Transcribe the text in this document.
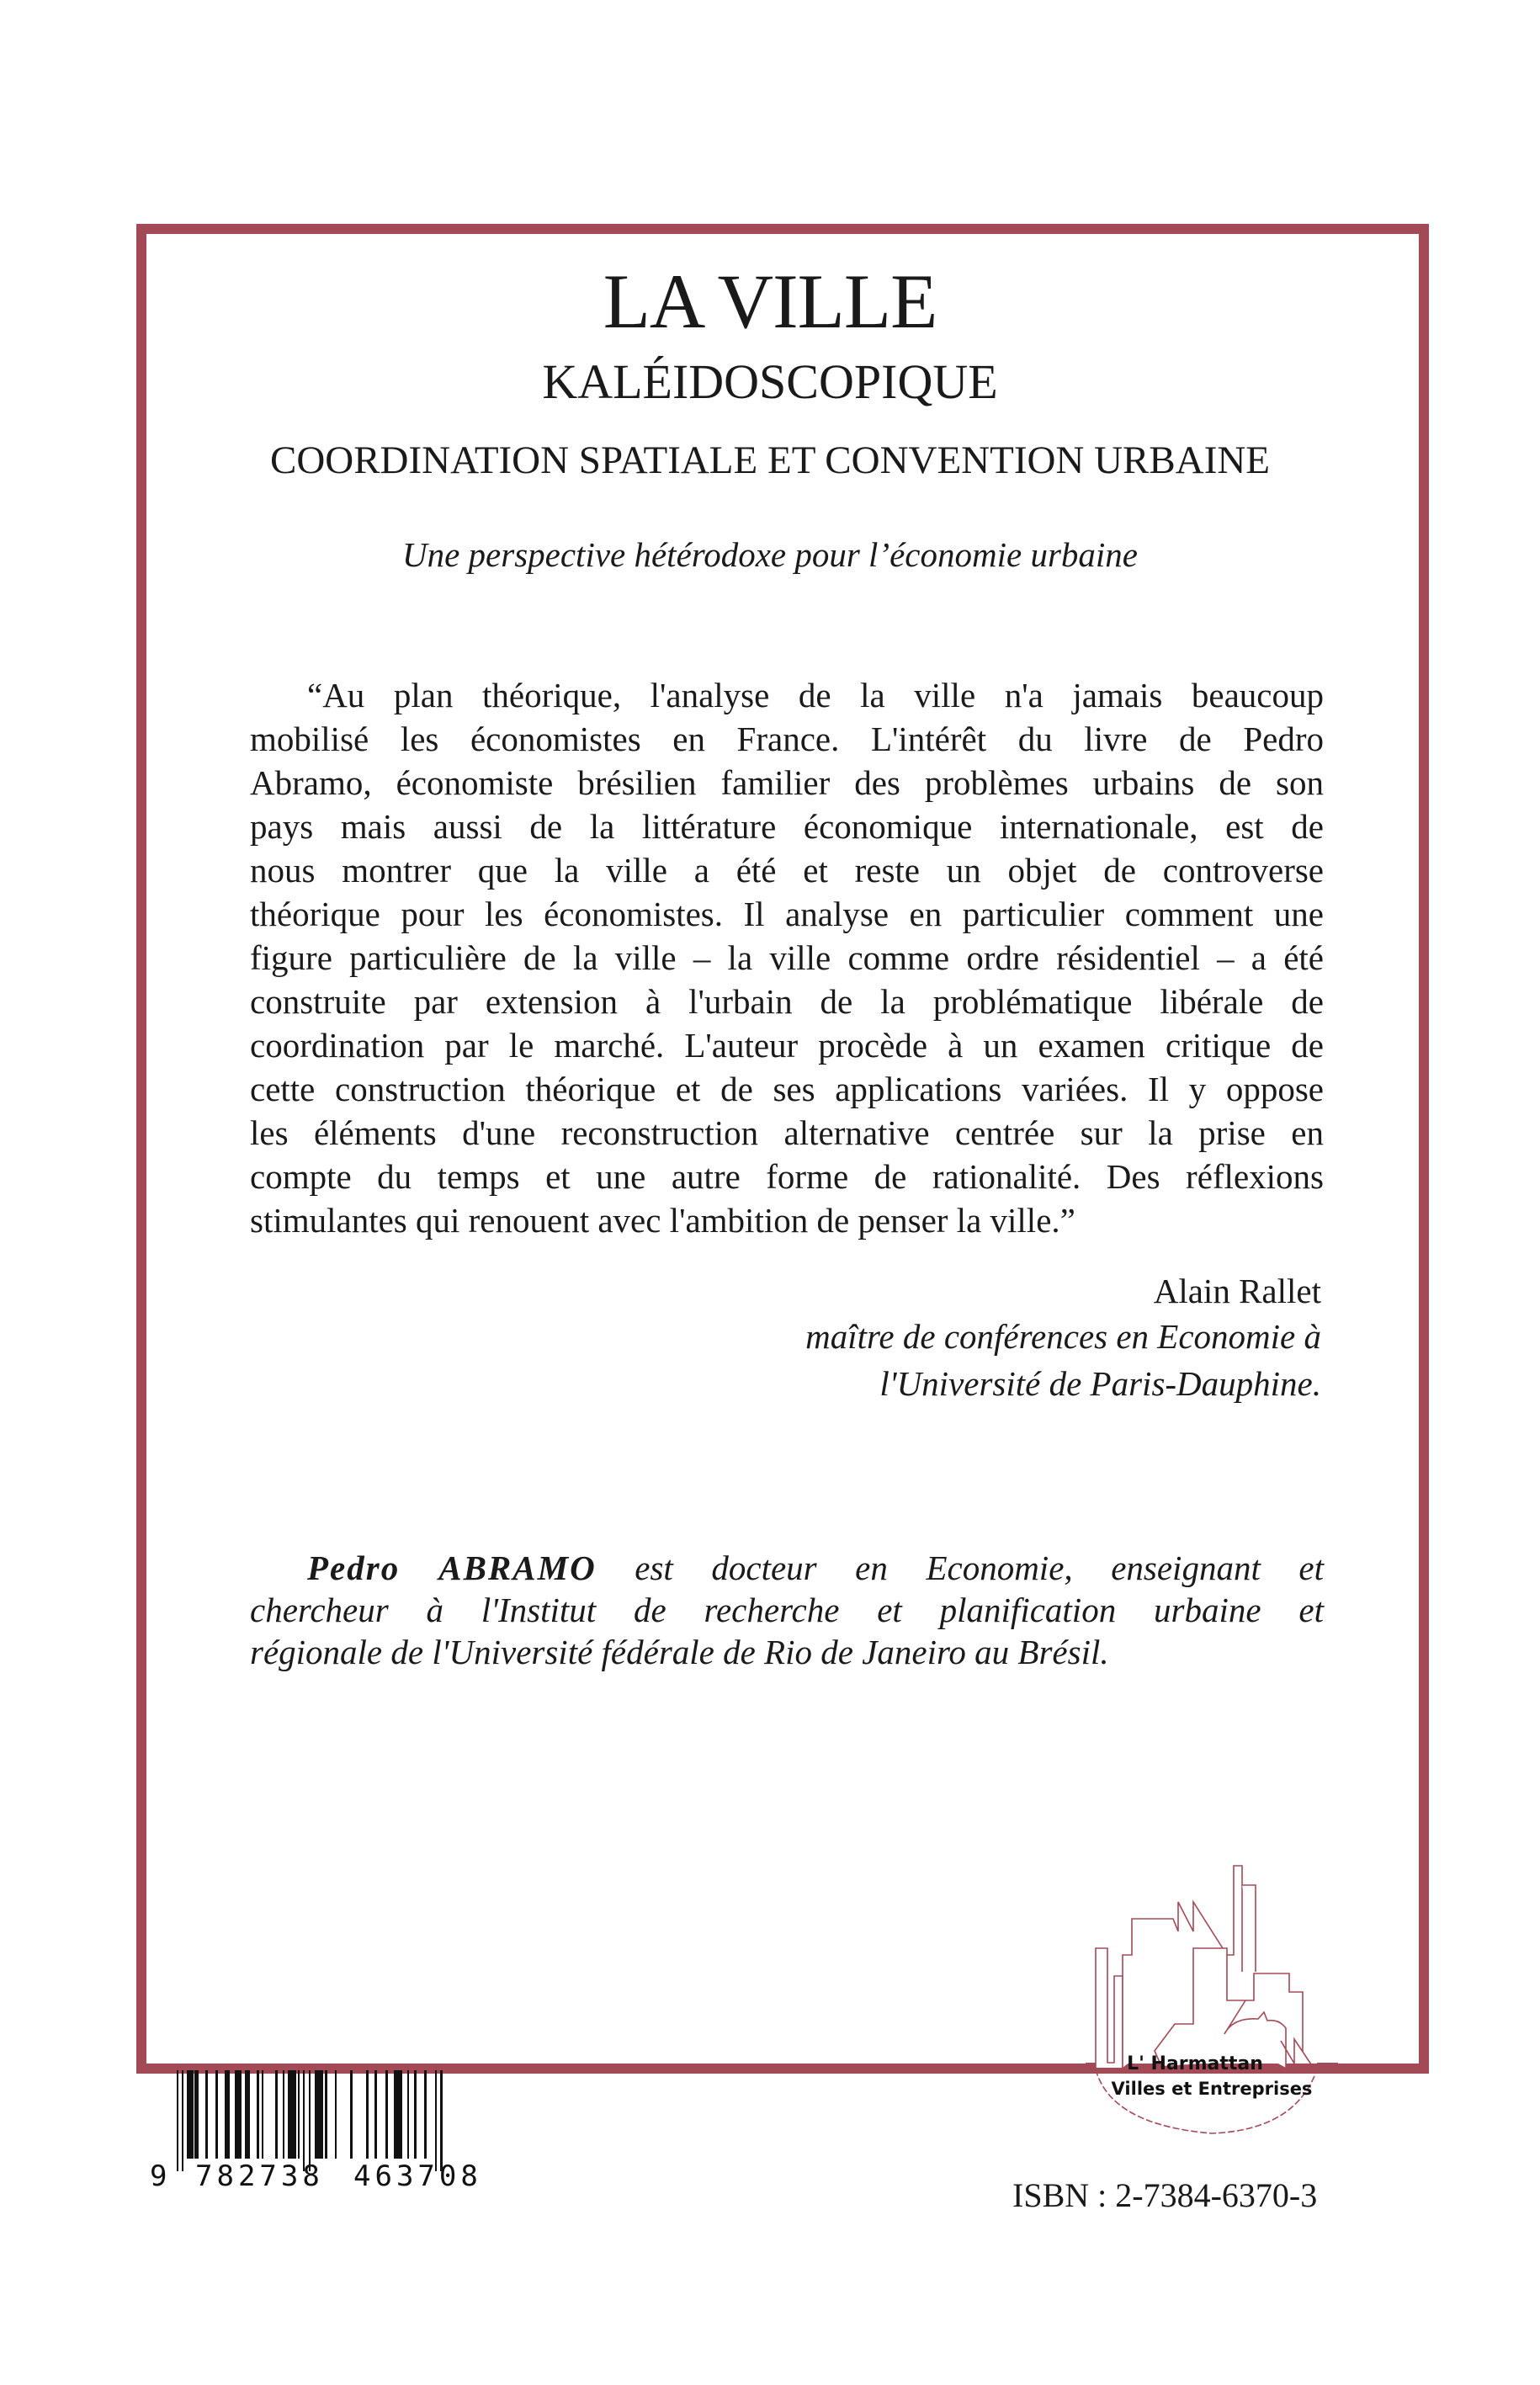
LA VILLE
KALÉIDOSCOPIQUE
COORDINATION SPATIALE ET CONVENTION URBAINE
Une perspective hétérodoxe pour l’économie urbaine
“Au plan théorique, l'analyse de la ville n'a jamais beaucoup
mobilisé les économistes en France. L'intérêt du livre de Pedro
Abramo, économiste brésilien familier des problèmes urbains de son
pays mais aussi de la littérature économique internationale, est de
nous montrer que la ville a été et reste un objet de controverse
théorique pour les économistes. Il analyse en particulier comment une
figure particulière de la ville – la ville comme ordre résidentiel – a été
construite par extension à l'urbain de la problématique libérale de
coordination par le marché. L'auteur procède à un examen critique de
cette construction théorique et de ses applications variées. Il y oppose
les éléments d'une reconstruction alternative centrée sur la prise en
compte du temps et une autre forme de rationalité. Des réflexions
stimulantes qui renouent avec l'ambition de penser la ville.”
Alain Rallet
maître de conférences en Economie à
l'Université de Paris-Dauphine.
Pedro ABRAMO est docteur en Economie, enseignant et
chercheur à l'Institut de recherche et planification urbaine et
régionale de l'Université fédérale de Rio de Janeiro au Brésil.
L' Harmattan
Villes et Entreprises
9 782738 463708	ISBN : 2-7384-6370-3
